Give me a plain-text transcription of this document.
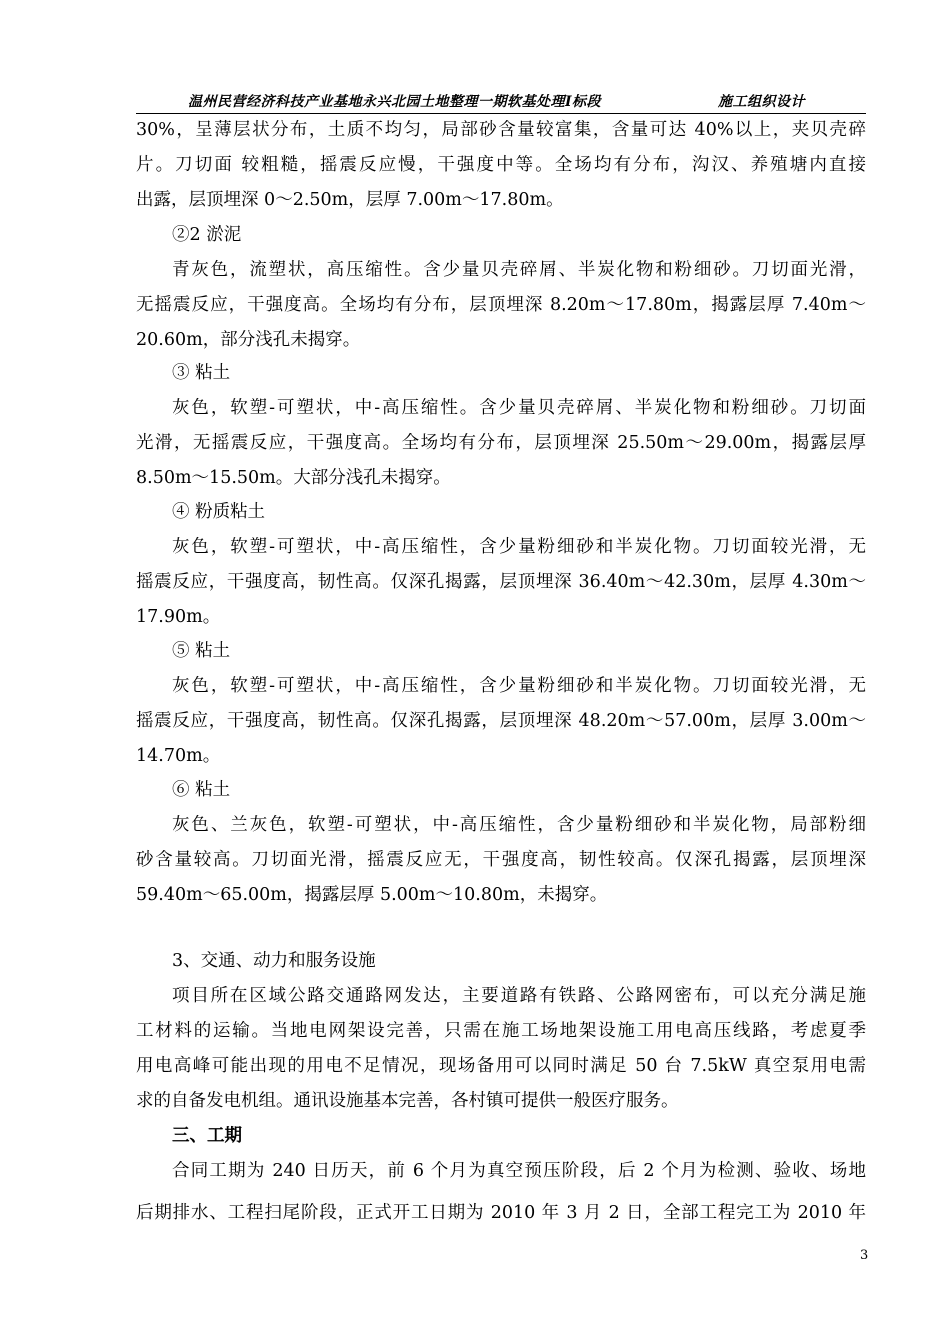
温州民营经济科技产业基地永兴北园土地整理一期软基处理Ⅰ标段	施工组织设计
30%，呈薄层状分布，土质不均匀，局部砂含量较富集，含量可达 40%以上，夹贝壳碎
片。刀切面 较粗糙，摇震反应慢，干强度中等。全场均有分布，沟汉、养殖塘内直接
出露，层顶埋深 0～2.50m，层厚 7.00m～17.80m。
②2 淤泥
青灰色，流塑状，高压缩性。含少量贝壳碎屑、半炭化物和粉细砂。刀切面光滑，
无摇震反应，干强度高。全场均有分布，层顶埋深 8.20m～17.80m，揭露层厚 7.40m～
20.60m，部分浅孔未揭穿。
③ 粘土
灰色，软塑-可塑状，中-高压缩性。含少量贝壳碎屑、半炭化物和粉细砂。刀切面
光滑，无摇震反应，干强度高。全场均有分布，层顶埋深 25.50m～29.00m，揭露层厚
8.50m～15.50m。大部分浅孔未揭穿。
④ 粉质粘土
灰色，软塑-可塑状，中-高压缩性，含少量粉细砂和半炭化物。刀切面较光滑，无
摇震反应，干强度高，韧性高。仅深孔揭露，层顶埋深 36.40m～42.30m，层厚 4.30m～
17.90m。
⑤ 粘土
灰色，软塑-可塑状，中-高压缩性，含少量粉细砂和半炭化物。刀切面较光滑，无
摇震反应，干强度高，韧性高。仅深孔揭露，层顶埋深 48.20m～57.00m，层厚 3.00m～
14.70m。
⑥ 粘土
灰色、兰灰色，软塑-可塑状，中-高压缩性，含少量粉细砂和半炭化物，局部粉细
砂含量较高。刀切面光滑，摇震反应无，干强度高，韧性较高。仅深孔揭露，层顶埋深
59.40m～65.00m，揭露层厚 5.00m～10.80m，未揭穿。
3、交通、动力和服务设施
项目所在区域公路交通路网发达，主要道路有铁路、公路网密布，可以充分满足施
工材料的运输。当地电网架设完善，只需在施工场地架设施工用电高压线路，考虑夏季
用电高峰可能出现的用电不足情况，现场备用可以同时满足 50 台 7.5kW 真空泵用电需
求的自备发电机组。通讯设施基本完善，各村镇可提供一般医疗服务。
三、工期
合同工期为 240 日历天，前 6 个月为真空预压阶段，后 2 个月为检测、验收、场地
后期排水、工程扫尾阶段，正式开工日期为 2010 年 3 月 2 日，全部工程完工为 2010 年
3
